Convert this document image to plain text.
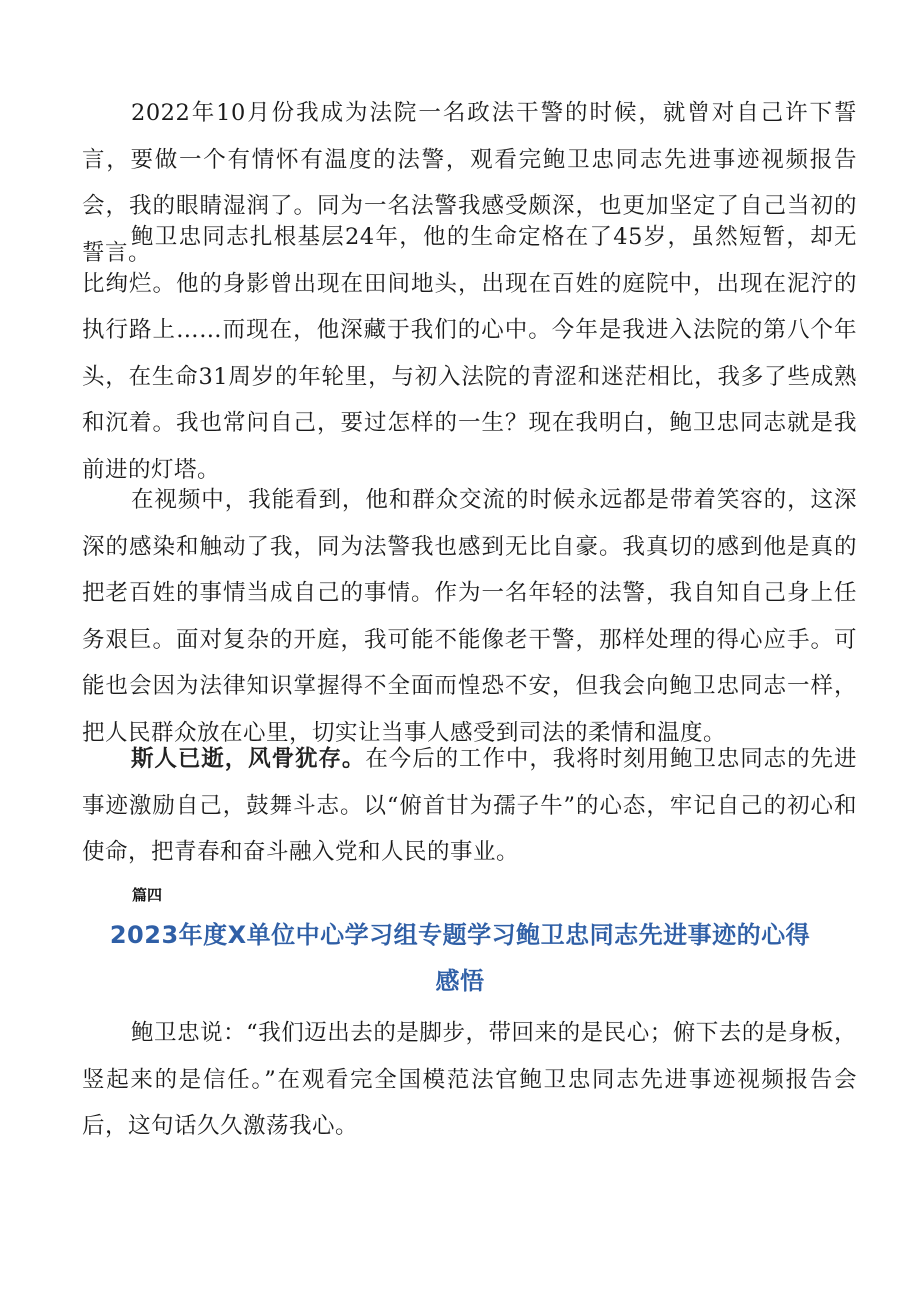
2022年10月份我成为法院一名政法干警的时候，就曾对自己许下誓言，要做一个有情怀有温度的法警，观看完鲍卫忠同志先进事迹视频报告会，我的眼睛湿润了。同为一名法警我感受颇深，也更加坚定了自己当初的誓言。

鲍卫忠同志扎根基层24年，他的生命定格在了45岁，虽然短暂，却无比绚烂。他的身影曾出现在田间地头，出现在百姓的庭院中，出现在泥泞的执行路上……而现在，他深藏于我们的心中。今年是我进入法院的第八个年头，在生命31周岁的年轮里，与初入法院的青涩和迷茫相比，我多了些成熟和沉着。我也常问自己，要过怎样的一生？现在我明白，鲍卫忠同志就是我前进的灯塔。

在视频中，我能看到，他和群众交流的时候永远都是带着笑容的，这深深的感染和触动了我，同为法警我也感到无比自豪。我真切的感到他是真的把老百姓的事情当成自己的事情。作为一名年轻的法警，我自知自己身上任务艰巨。面对复杂的开庭，我可能不能像老干警，那样处理的得心应手。可能也会因为法律知识掌握得不全面而惶恐不安，但我会向鲍卫忠同志一样，把人民群众放在心里，切实让当事人感受到司法的柔情和温度。

斯人已逝，风骨犹存。在今后的工作中，我将时刻用鲍卫忠同志的先进事迹激励自己，鼓舞斗志。以“俯首甘为孺子牛”的心态，牢记自己的初心和使命，把青春和奋斗融入党和人民的事业。

篇四

2023年度X单位中心学习组专题学习鲍卫忠同志先进事迹的心得感悟

鲍卫忠说：“我们迈出去的是脚步，带回来的是民心；俯下去的是身板，竖起来的是信任。”在观看完全国模范法官鲍卫忠同志先进事迹视频报告会后，这句话久久激荡我心。
